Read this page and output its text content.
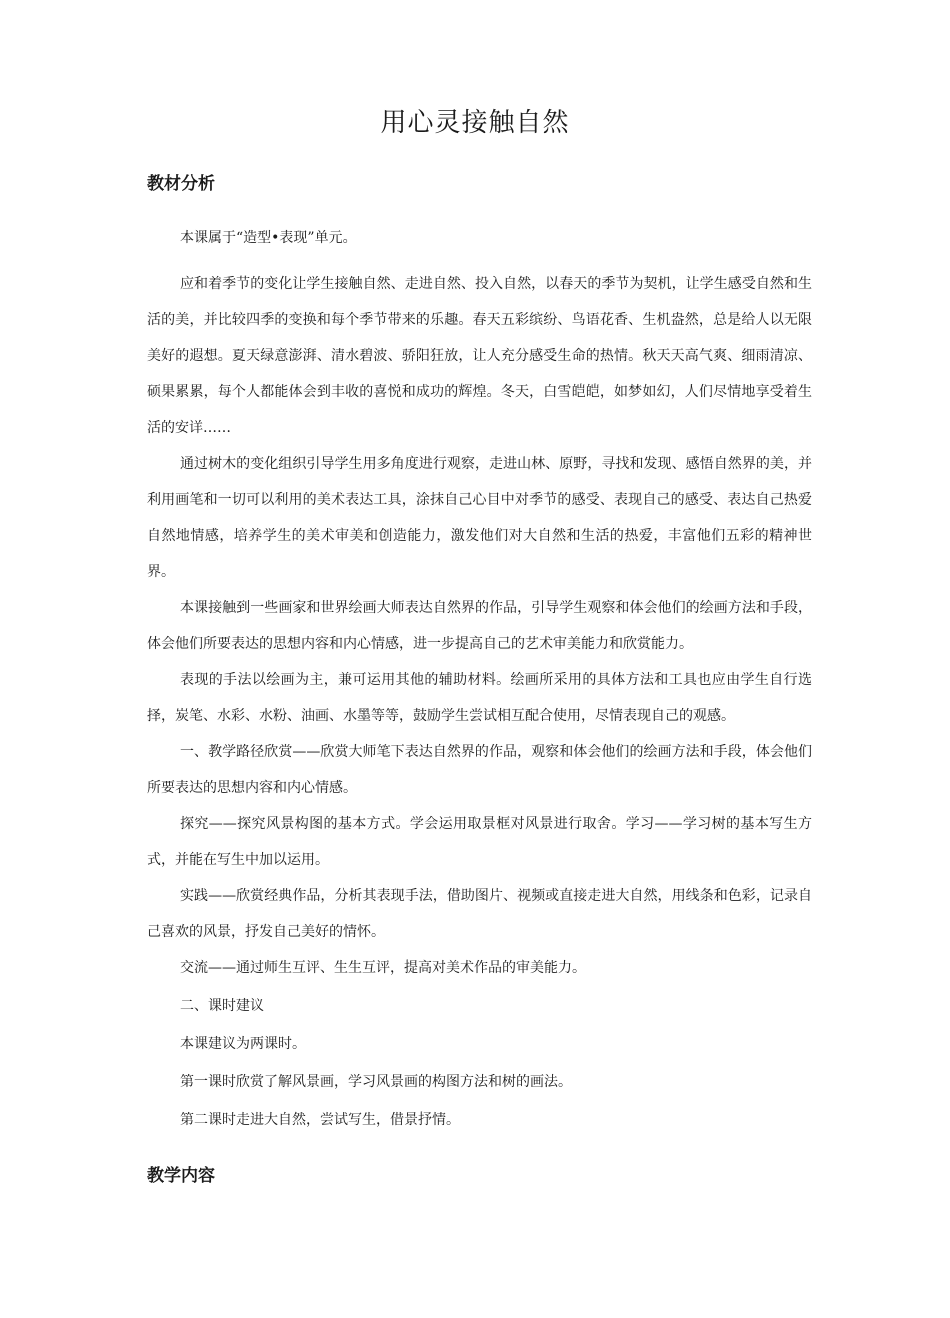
用心灵接触自然
教材分析

本课属于“造型•表现”单元。

应和着季节的变化让学生接触自然、走进自然、投入自然，以春天的季节为契机，让学生感受自然和生活的美，并比较四季的变换和每个季节带来的乐趣。春天五彩缤纷、鸟语花香、生机盎然，总是给人以无限美好的遐想。夏天绿意澎湃、清水碧波、骄阳狂放，让人充分感受生命的热情。秋天天高气爽、细雨清凉、硕果累累，每个人都能体会到丰收的喜悦和成功的辉煌。冬天，白雪皑皑，如梦如幻，人们尽情地享受着生活的安详……

通过树木的变化组织引导学生用多角度进行观察，走进山林、原野，寻找和发现、感悟自然界的美，并利用画笔和一切可以利用的美术表达工具，涂抹自己心目中对季节的感受、表现自己的感受、表达自己热爱自然地情感，培养学生的美术审美和创造能力，激发他们对大自然和生活的热爱，丰富他们五彩的精神世界。

本课接触到一些画家和世界绘画大师表达自然界的作品，引导学生观察和体会他们的绘画方法和手段，体会他们所要表达的思想内容和内心情感，进一步提高自己的艺术审美能力和欣赏能力。

表现的手法以绘画为主，兼可运用其他的辅助材料。绘画所采用的具体方法和工具也应由学生自行选择，炭笔、水彩、水粉、油画、水墨等等，鼓励学生尝试相互配合使用，尽情表现自己的观感。

一、教学路径欣赏——欣赏大师笔下表达自然界的作品，观察和体会他们的绘画方法和手段，体会他们所要表达的思想内容和内心情感。

探究——探究风景构图的基本方式。学会运用取景框对风景进行取舍。学习——学习树的基本写生方式，并能在写生中加以运用。

实践——欣赏经典作品，分析其表现手法，借助图片、视频或直接走进大自然，用线条和色彩，记录自己喜欢的风景，抒发自己美好的情怀。

交流——通过师生互评、生生互评，提高对美术作品的审美能力。

二、课时建议

本课建议为两课时。

第一课时欣赏了解风景画，学习风景画的构图方法和树的画法。

第二课时走进大自然，尝试写生，借景抒情。

教学内容
